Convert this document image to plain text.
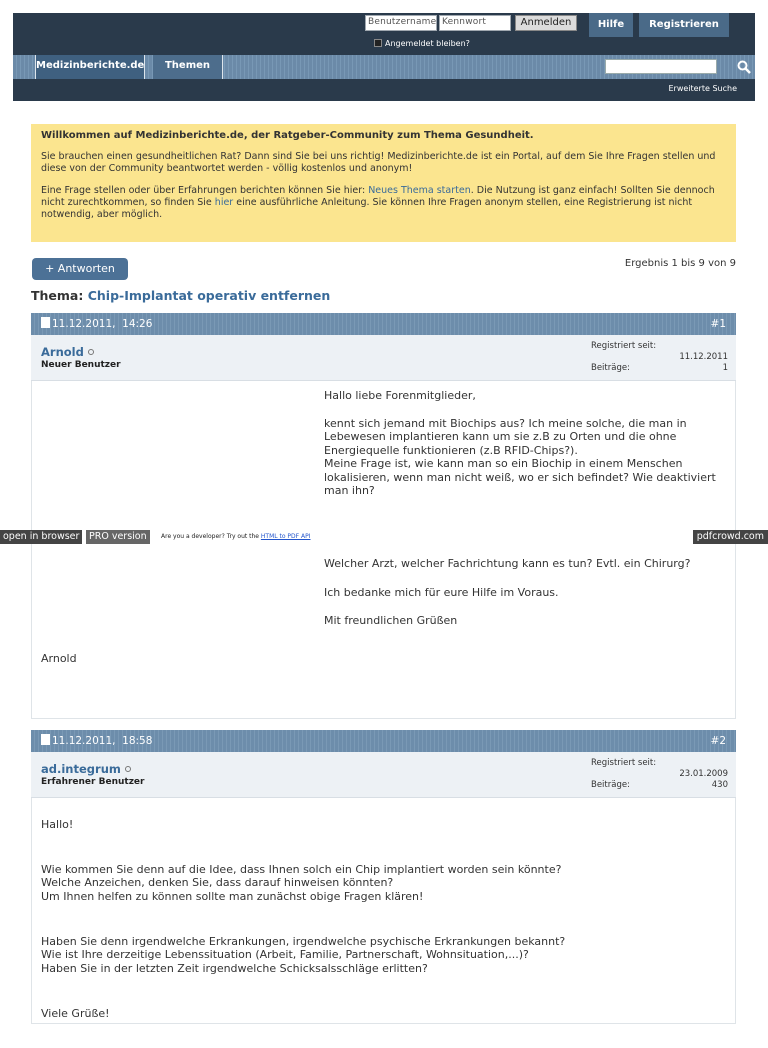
Benutzername Kennwort	Anmelden
Angemeldet bleiben?
Hilfe	Registrieren
Medizinberichte.de	Themen
Erweiterte Suche
Willkommen auf Medizinberichte.de, der Ratgeber-Community zum Thema Gesundheit.

Sie brauchen einen gesundheitlichen Rat? Dann sind Sie bei uns richtig! Medizinberichte.de ist ein Portal, auf dem Sie Ihre Fragen stellen und diese von der Community beantwortet werden - völlig kostenlos und anonym!

Eine Frage stellen oder über Erfahrungen berichten können Sie hier: Neues Thema starten. Die Nutzung ist ganz einfach! Sollten Sie dennoch nicht zurechtkommen, so finden Sie hier eine ausführliche Anleitung. Sie können Ihre Fragen anonym stellen, eine Registrierung ist nicht notwendig, aber möglich.

+ Antworten	Ergebnis 1 bis 9 von 9
Thema: Chip-Implantat operativ entfernen
11.12.2011, 14:26	#1
Arnold
Neuer Benutzer
Registriert seit:
11.12.2011
Beiträge:	1

Hallo liebe Forenmitglieder,

kennt sich jemand mit Biochips aus? Ich meine solche, die man in Lebewesen implantieren kann um sie z.B zu Orten und die ohne Energiequelle funktionieren (z.B RFID-Chips?).

Meine Frage ist, wie kann man so ein Biochip in einem Menschen lokalisieren, wenn man nicht weiß, wo er sich befindet? Wie deaktiviert man ihn?

Welcher Arzt, welcher Fachrichtung kann es tun? Evtl. ein Chirurg?

Ich bedanke mich für eure Hilfe im Voraus.

Mit freundlichen Grüßen

Arnold
11.12.2011, 18:58	#2
ad.integrum
Erfahrener Benutzer
Registriert seit:
23.01.2009
Beiträge:	430

Hallo!

Wie kommen Sie denn auf die Idee, dass Ihnen solch ein Chip implantiert worden sein könnte?
Welche Anzeichen, denken Sie, dass darauf hinweisen könnten?
Um Ihnen helfen zu können sollte man zunächst obige Fragen klären!

Haben Sie denn irgendwelche Erkrankungen, irgendwelche psychische Erkrankungen bekannt?
Wie ist Ihre derzeitige Lebenssituation (Arbeit, Familie, Partnerschaft, Wohnsituation,...)?
Haben Sie in der letzten Zeit irgendwelche Schicksalsschläge erlitten?

Viele Grüße!

open in browser	PRO version	Are you a developer? Try out the HTML to PDF API	pdfcrowd.com
